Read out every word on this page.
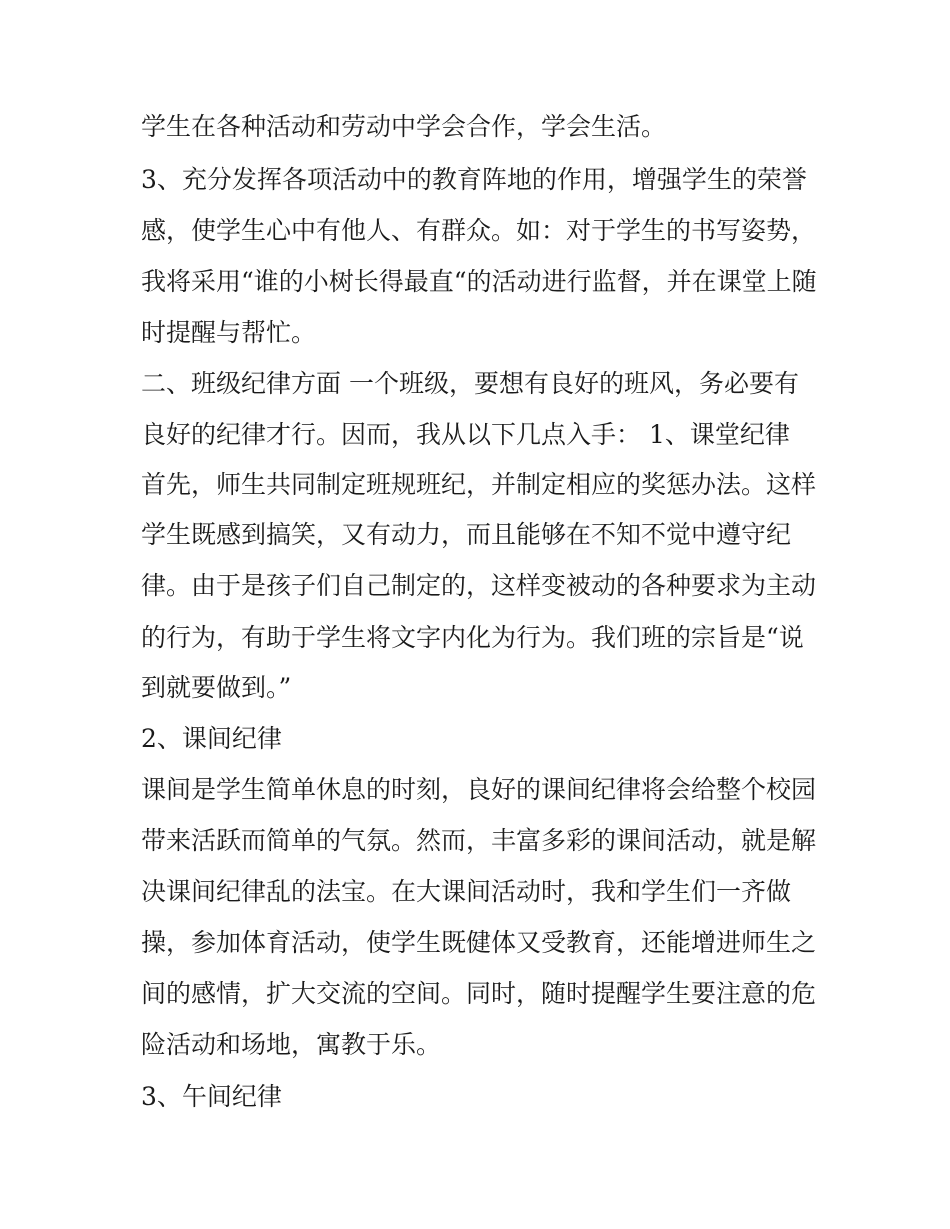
学生在各种活动和劳动中学会合作，学会生活。
3、充分发挥各项活动中的教育阵地的作用，增强学生的荣誉
感，使学生心中有他人、有群众。如：对于学生的书写姿势，
我将采用“谁的小树长得最直“的活动进行监督，并在课堂上随
时提醒与帮忙。
二、班级纪律方面 一个班级，要想有良好的班风，务必要有
良好的纪律才行。因而，我从以下几点入手： 1、课堂纪律
首先，师生共同制定班规班纪，并制定相应的奖惩办法。这样
学生既感到搞笑，又有动力，而且能够在不知不觉中遵守纪
律。由于是孩子们自己制定的，这样变被动的各种要求为主动
的行为，有助于学生将文字内化为行为。我们班的宗旨是“说
到就要做到。”
2、课间纪律
课间是学生简单休息的时刻，良好的课间纪律将会给整个校园
带来活跃而简单的气氛。然而，丰富多彩的课间活动，就是解
决课间纪律乱的法宝。在大课间活动时，我和学生们一齐做
操，参加体育活动，使学生既健体又受教育，还能增进师生之
间的感情，扩大交流的空间。同时，随时提醒学生要注意的危
险活动和场地，寓教于乐。
3、午间纪律
